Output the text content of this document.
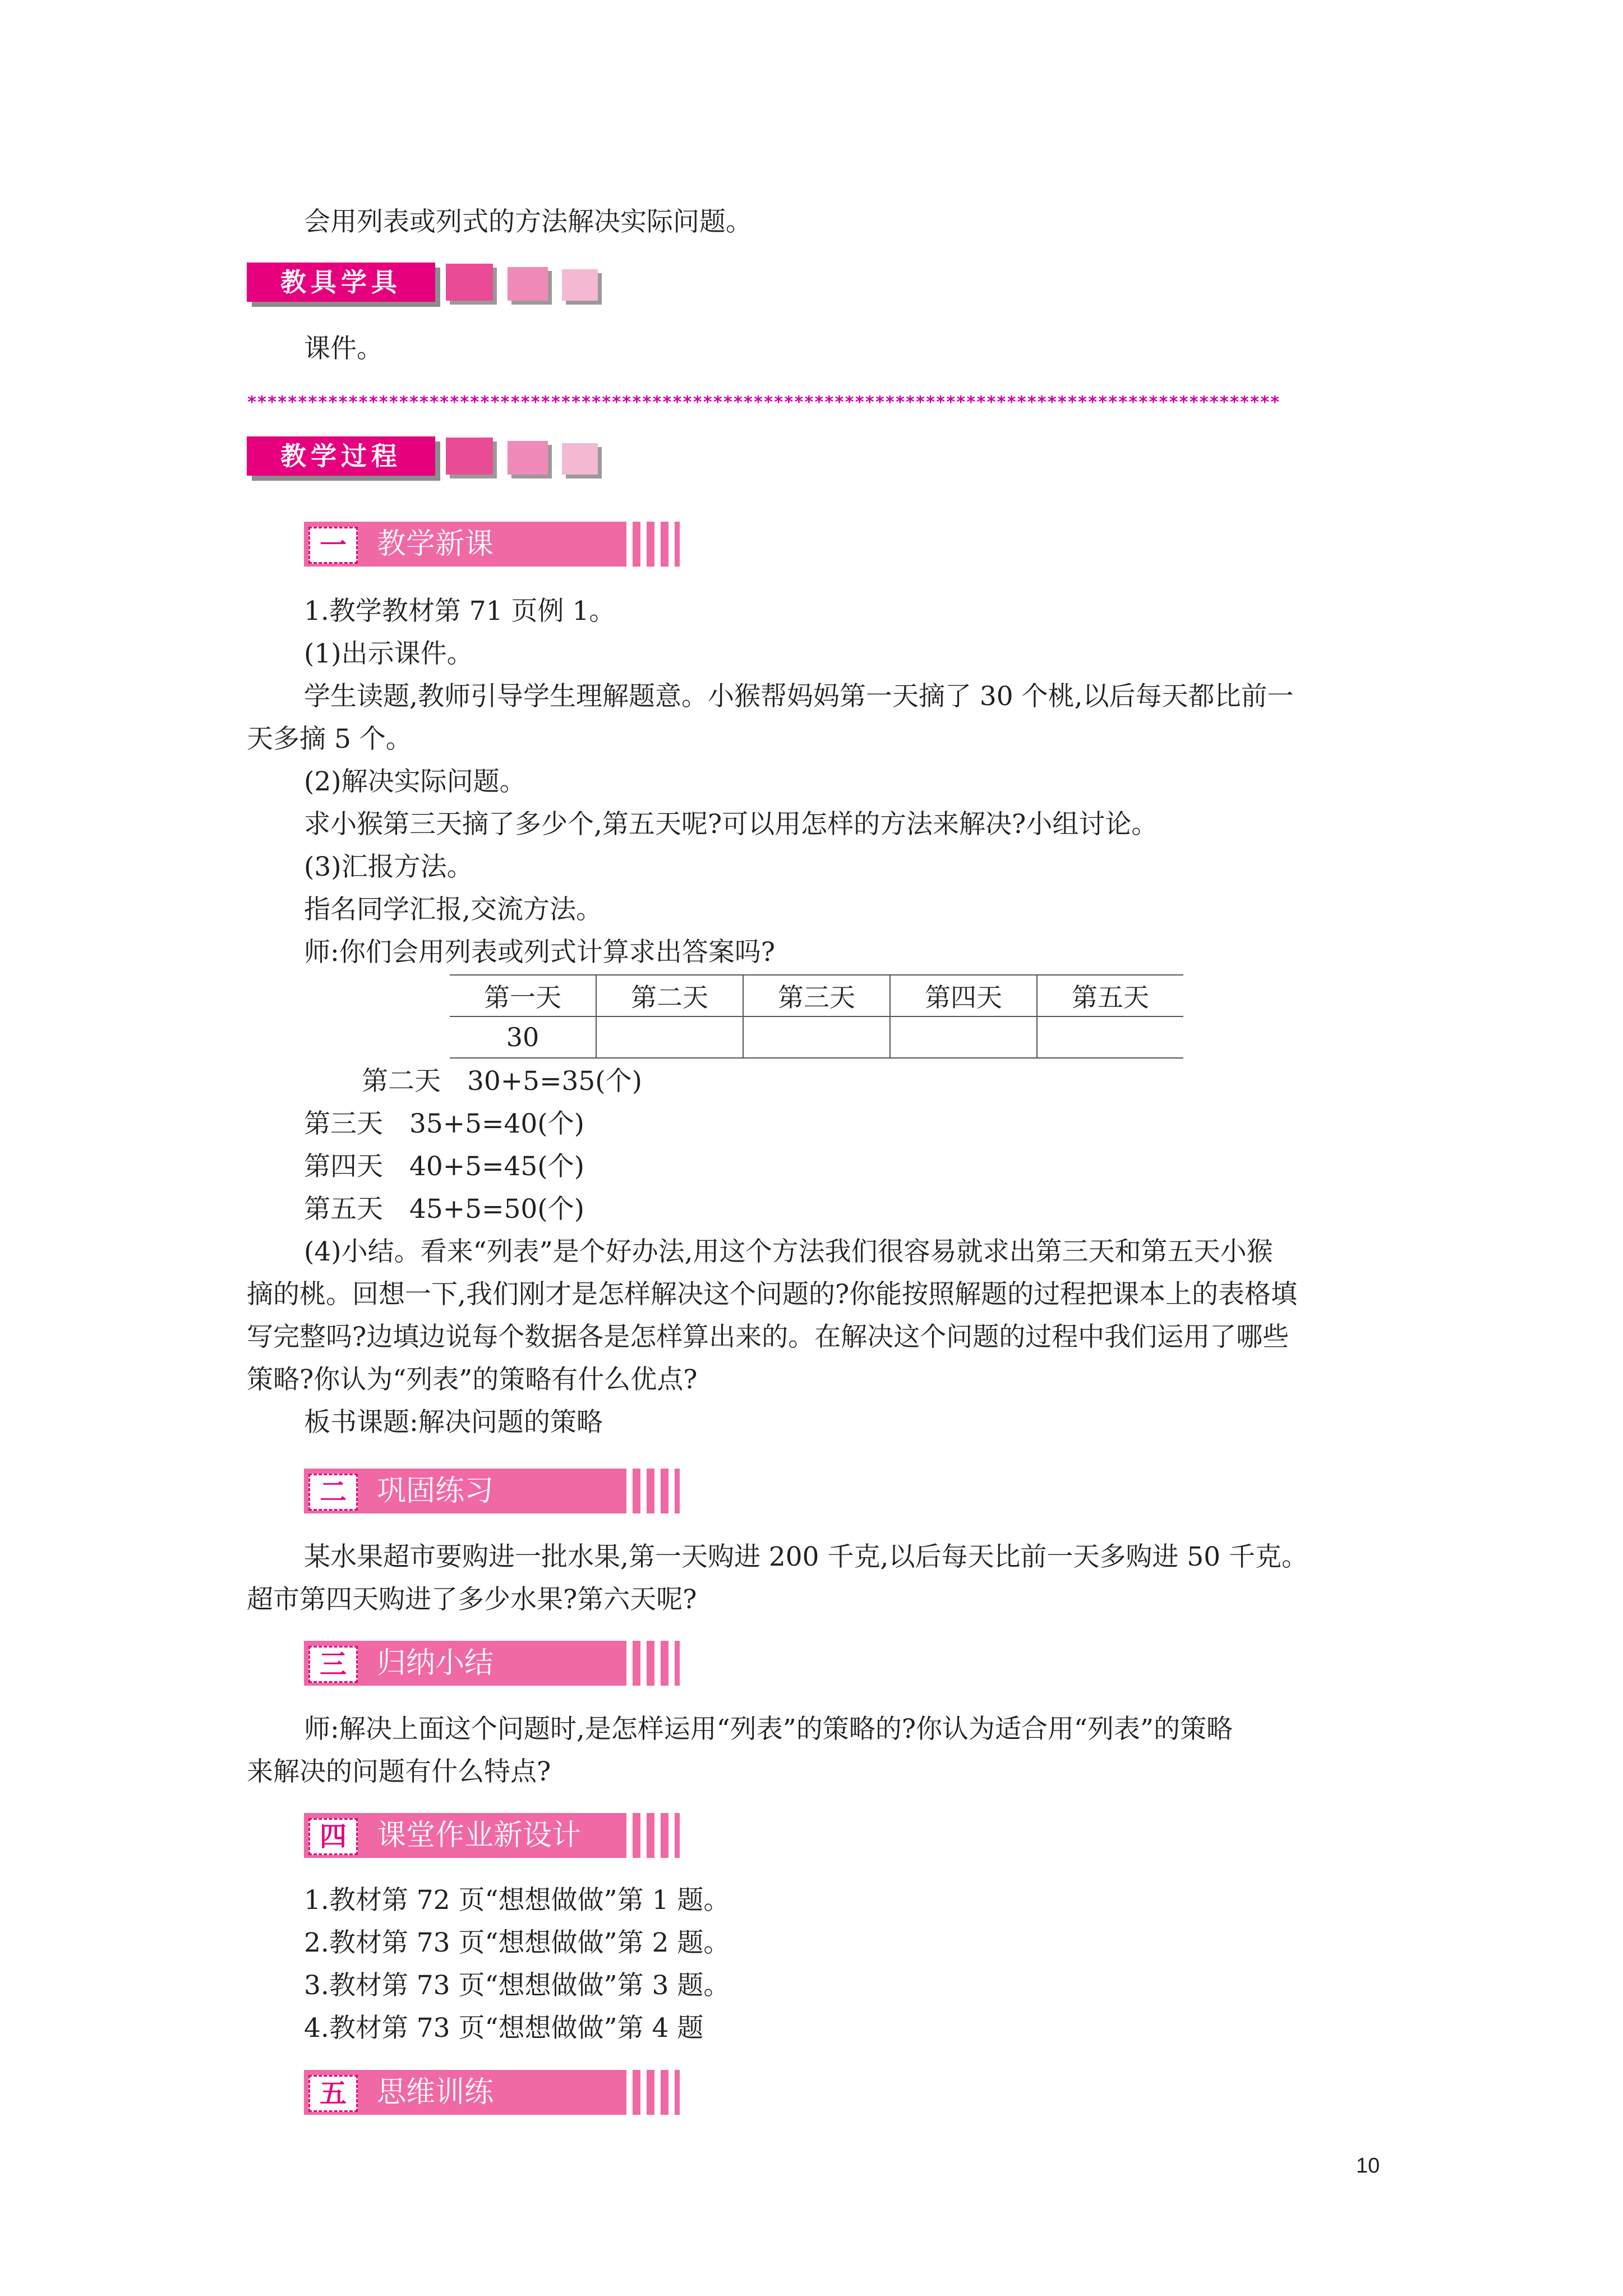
会用列表或列式的方法解决实际问题。
教具学具
课件。
******************************************************************************************************
教学过程
一	教学新课
1.教学教材第 71 页例 1。
(1)出示课件。
学生读题,教师引导学生理解题意。小猴帮妈妈第一天摘了 30 个桃,以后每天都比前一
天多摘 5 个。
(2)解决实际问题。
求小猴第三天摘了多少个,第五天呢?可以用怎样的方法来解决?小组讨论。
(3)汇报方法。
指名同学汇报,交流方法。
师:你们会用列表或列式计算求出答案吗?
第一天	第二天	第三天	第四天	第五天
30				
第二天　30+5=35(个)
第三天　35+5=40(个)
第四天　40+5=45(个)
第五天　45+5=50(个)
(4)小结。看来“列表”是个好办法,用这个方法我们很容易就求出第三天和第五天小猴
摘的桃。回想一下,我们刚才是怎样解决这个问题的?你能按照解题的过程把课本上的表格填
写完整吗?边填边说每个数据各是怎样算出来的。在解决这个问题的过程中我们运用了哪些
策略?你认为“列表”的策略有什么优点?
板书课题:解决问题的策略
二	巩固练习
某水果超市要购进一批水果,第一天购进 200 千克,以后每天比前一天多购进 50 千克。
超市第四天购进了多少水果?第六天呢?
三	归纳小结
师:解决上面这个问题时,是怎样运用“列表”的策略的?你认为适合用“列表”的策略
来解决的问题有什么特点?
四	课堂作业新设计
1.教材第 72 页“想想做做”第 1 题。
2.教材第 73 页“想想做做”第 2 题。
3.教材第 73 页“想想做做”第 3 题。
4.教材第 73 页“想想做做”第 4 题
五	思维训练
10
